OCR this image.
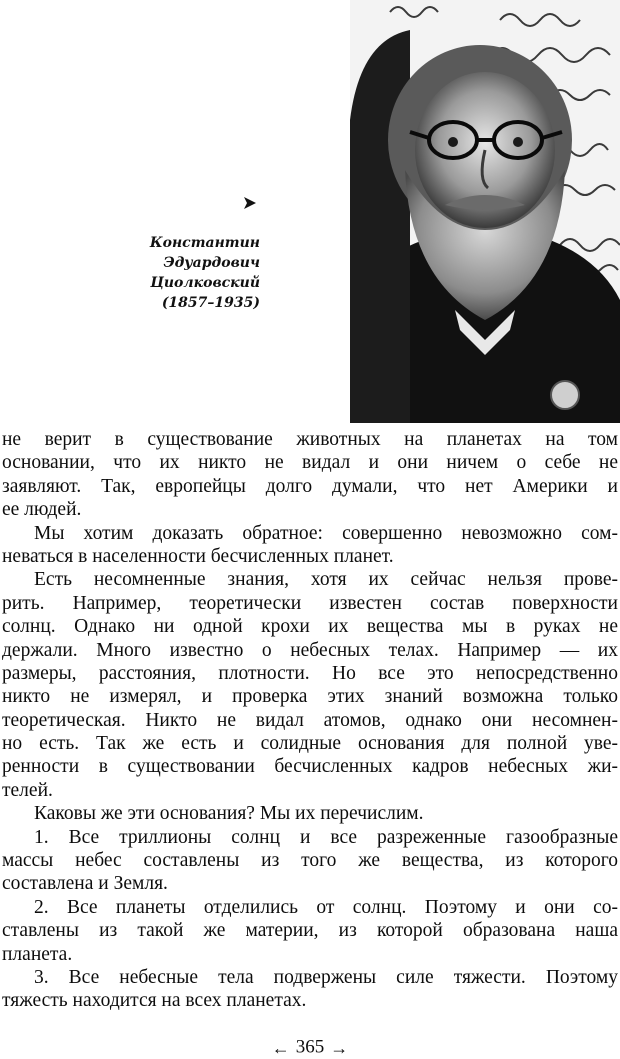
Константин
Эдуардович
Циолковский
(1857–1935)
не верит в существование животных на планетах на том
основании, что их никто не видал и они ничем о себе не
заявляют. Так, европейцы долго думали, что нет Америки и
ее людей.
Мы хотим доказать обратное: совершенно невозможно сом-
неваться в населенности бесчисленных планет.
Есть несомненные знания, хотя их сейчас нельзя прове-
рить. Например, теоретически известен состав поверхности
солнц. Однако ни одной крохи их вещества мы в руках не
держали. Много известно о небесных телах. Например — их
размеры, расстояния, плотности. Но все это непосредственно
никто не измерял, и проверка этих знаний возможна только
теоретическая. Никто не видал атомов, однако они несомнен-
но есть. Так же есть и солидные основания для полной уве-
ренности в существовании бесчисленных кадров небесных жи-
телей.
Каковы же эти основания? Мы их перечислим.
1. Все триллионы солнц и все разреженные газообразные
массы небес составлены из того же вещества, из которого
составлена и Земля.
2. Все планеты отделились от солнц. Поэтому и они со-
ставлены из такой же материи, из которой образована наша
планета.
3. Все небесные тела подвержены силе тяжести. Поэтому
тяжесть находится на всех планетах.
← 365 →
